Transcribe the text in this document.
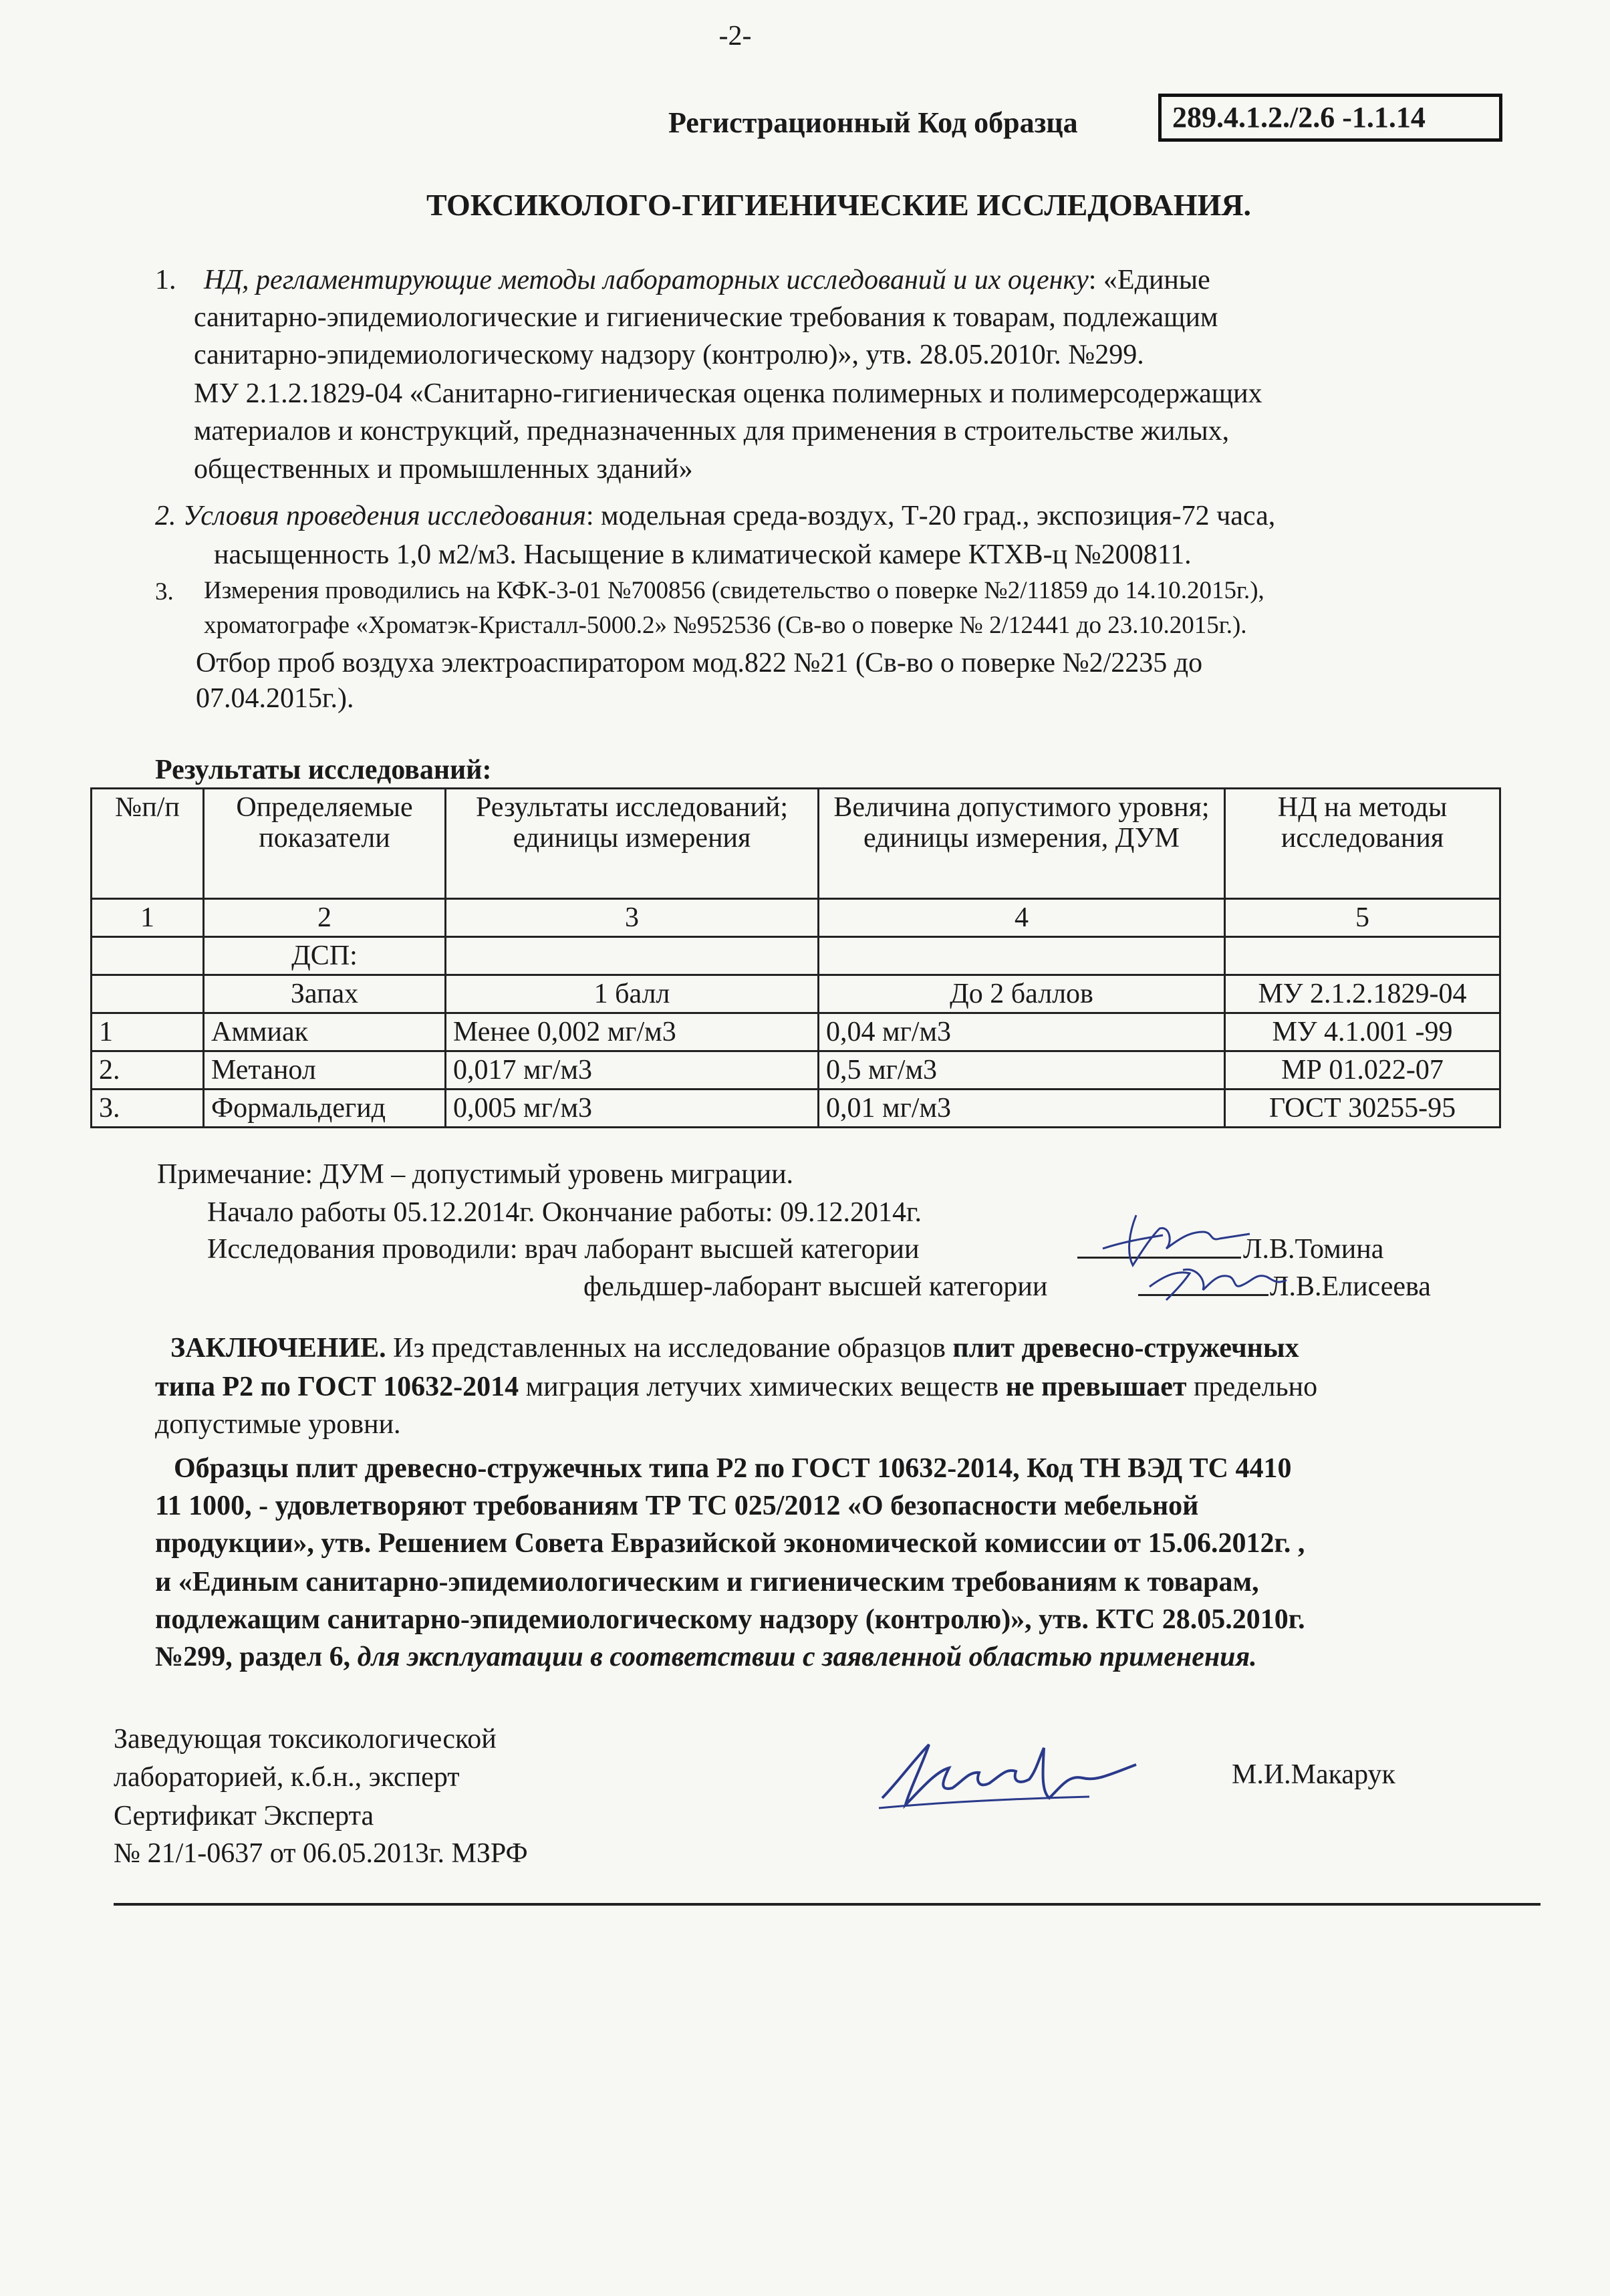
-2-
Регистрационный Код образца	289.4.1.2./2.6 -1.1.14
ТОКСИКОЛОГО-ГИГИЕНИЧЕСКИЕ ИССЛЕДОВАНИЯ.
1. НД, регламентирующие методы лабораторных исследований и их оценку: «Единые
санитарно-эпидемиологические и гигиенические требования к товарам, подлежащим
санитарно-эпидемиологическому надзору (контролю)», утв. 28.05.2010г. №299.
МУ 2.1.2.1829-04 «Санитарно-гигиеническая оценка полимерных и полимерсодержащих
материалов и конструкций, предназначенных для применения в строительстве жилых,
общественных и промышленных зданий»
2. Условия проведения исследования: модельная среда-воздух, Т-20 град., экспозиция-72 часа,
насыщенность 1,0 м2/м3. Насыщение в климатической камере КТХВ-ц №200811.
3. Измерения проводились на КФК-3-01 №700856 (свидетельство о поверке №2/11859 до 14.10.2015г.),
хроматографе «Хроматэк-Кристалл-5000.2» №952536 (Св-во о поверке № 2/12441 до 23.10.2015г.).
Отбор проб воздуха электроаспиратором мод.822 №21 (Св-во о поверке №2/2235 до
07.04.2015г.).
Результаты исследований:
№п/п	Определяемые показатели	Результаты исследований; единицы измерения	Величина допустимого уровня; единицы измерения, ДУМ	НД на методы исследования
1	2	3	4	5
	ДСП:			
	Запах	1 балл	До 2 баллов	МУ 2.1.2.1829-04
1	Аммиак	Менее 0,002 мг/м3	0,04 мг/м3	МУ 4.1.001 -99
2.	Метанол	0,017 мг/м3	0,5 мг/м3	МР 01.022-07
3.	Формальдегид	0,005 мг/м3	0,01 мг/м3	ГОСТ 30255-95
Примечание: ДУМ – допустимый уровень миграции.
Начало работы 05.12.2014г. Окончание работы: 09.12.2014г.
Исследования проводили: врач лаборант высшей категории	Л.В.Томина
фельдшер-лаборант высшей категории	Л.В.Елисеева
ЗАКЛЮЧЕНИЕ. Из представленных на исследование образцов плит древесно-стружечных
типа Р2 по ГОСТ 10632-2014 миграция летучих химических веществ не превышает предельно
допустимые уровни.
Образцы плит древесно-стружечных типа Р2 по ГОСТ 10632-2014, Код ТН ВЭД ТС 4410
11 1000, - удовлетворяют требованиям ТР ТС 025/2012 «О безопасности мебельной
продукции», утв. Решением Совета Евразийской экономической комиссии от 15.06.2012г. ,
и «Единым санитарно-эпидемиологическим и гигиеническим требованиям к товарам,
подлежащим санитарно-эпидемиологическому надзору (контролю)», утв. КТС 28.05.2010г.
№299, раздел 6, для эксплуатации в соответствии с заявленной областью применения.
Заведующая токсикологической
лабораторией, к.б.н., эксперт
Сертификат Эксперта
№ 21/1-0637 от 06.05.2013г. МЗРФ
М.И.Макарук
